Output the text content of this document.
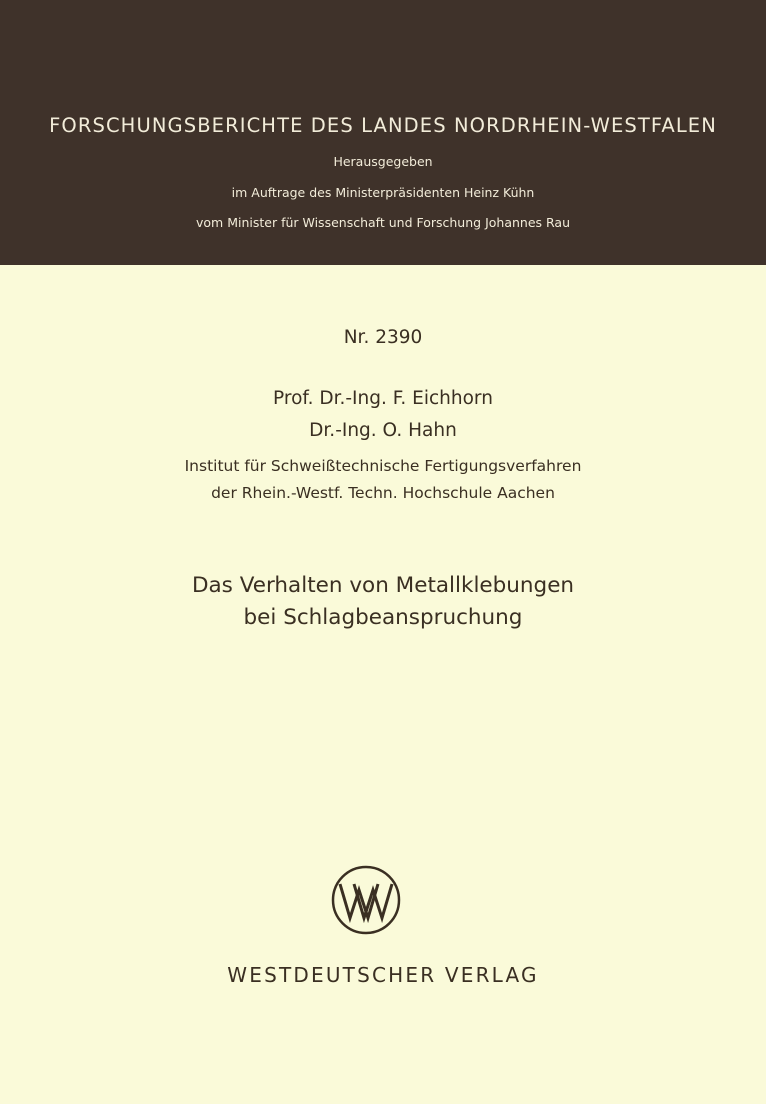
FORSCHUNGSBERICHTE DES LANDES NORDRHEIN-WESTFALEN
Herausgegeben
im Auftrage des Ministerpräsidenten Heinz Kühn
vom Minister für Wissenschaft und Forschung Johannes Rau
Nr. 2390
Prof. Dr.-Ing. F. Eichhorn
Dr.-Ing. O. Hahn
Institut für Schweißtechnische Fertigungsverfahren
der Rhein.-Westf. Techn. Hochschule Aachen
Das Verhalten von Metallklebungen
bei Schlagbeanspruchung
WESTDEUTSCHER VERLAG
